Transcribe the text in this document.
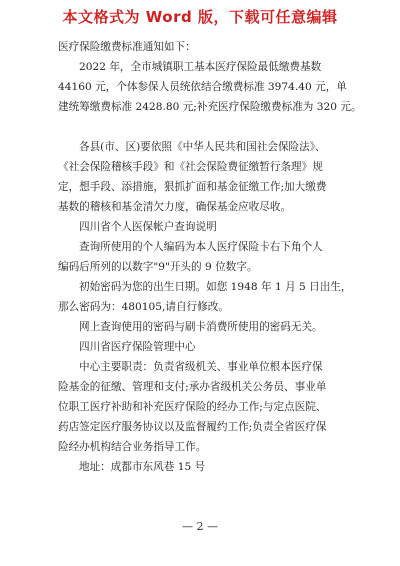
本文格式为 Word 版，下载可任意编辑

医疗保险缴费标准通知如下：

2022 年，全市城镇职工基本医疗保险最低缴费基数

44160 元，个体参保人员统依结合缴费标准 3974.40 元，单

建统筹缴费标准 2428.80 元;补充医疗保险缴费标准为 320 元。

各县(市、区)要依照《中华人民共和国社会保险法》、

《社会保险稽核手段》和《社会保险费征缴暂行条理》规

定，想手段、添措施，狠抓扩面和基金征缴工作;加大缴费

基数的稽核和基金清欠力度，确保基金应收尽收。

四川省个人医保帐户查询说明

查询所使用的个人编码为本人医疗保险卡右下角个人

编码后所列的以数字"9"开头的 9 位数字。

初始密码为您的出生日期。如您 1948 年 1 月 5 日出生，

那么密码为：480105,请自行修改。

网上查询使用的密码与刷卡消费所使用的密码无关。

四川省医疗保险管理中心

中心主要职责：负责省级机关、事业单位根本医疗保

险基金的征缴、管理和支付;承办省级机关公务员、事业单

位职工医疗补助和补充医疗保险的经办工作;与定点医院、

药店签定医疗服务协议以及监督履约工作;负责全省医疗保

险经办机构结合业务指导工作。

地址：成都市东风巷 15 号

— 2 —
